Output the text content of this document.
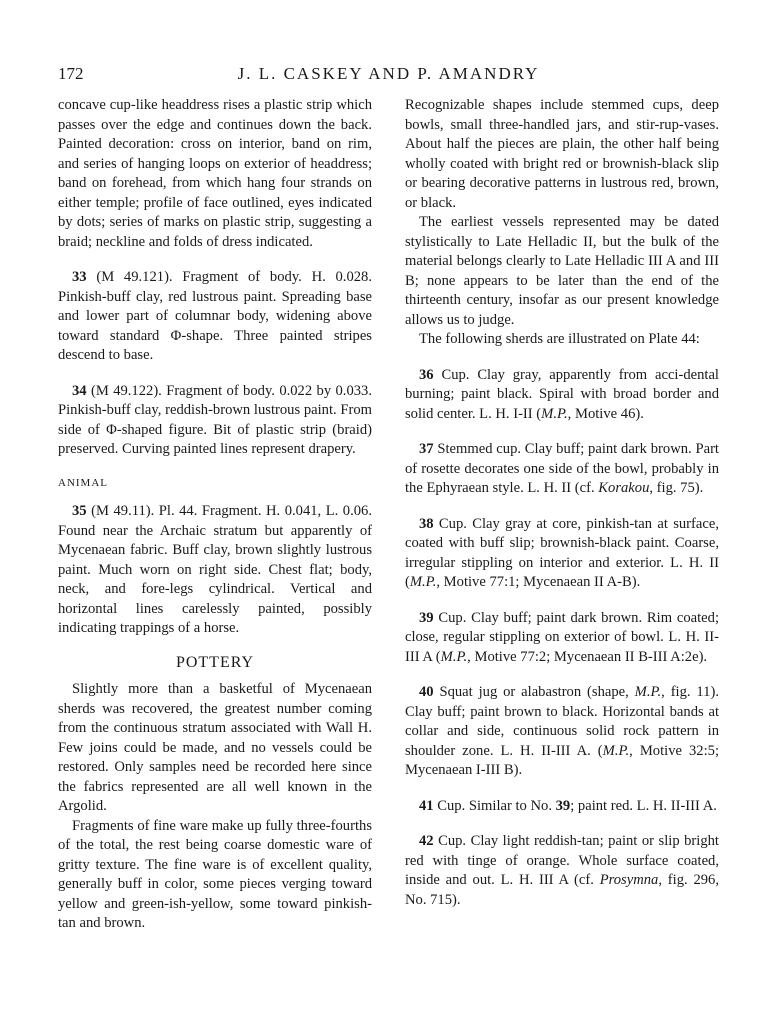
172	J. L. CASKEY AND P. AMANDRY

concave cup-like headdress rises a plastic strip which passes over the edge and continues down the back. Painted decoration: cross on interior, band on rim, and series of hanging loops on exterior of headdress; band on forehead, from which hang four strands on either temple; profile of face outlined, eyes indicated by dots; series of marks on plastic strip, suggesting a braid; neckline and folds of dress indicated.

33 (M 49.121). Fragment of body. H. 0.028. Pinkish-buff clay, red lustrous paint. Spreading base and lower part of columnar body, widening above toward standard Φ-shape. Three painted stripes descend to base.

34 (M 49.122). Fragment of body. 0.022 by 0.033. Pinkish-buff clay, reddish-brown lustrous paint. From side of Φ-shaped figure. Bit of plastic strip (braid) preserved. Curving painted lines represent drapery.

ANIMAL

35 (M 49.11). Pl. 44. Fragment. H. 0.041, L. 0.06. Found near the Archaic stratum but apparently of Mycenaean fabric. Buff clay, brown slightly lustrous paint. Much worn on right side. Chest flat; body, neck, and fore-legs cylindrical. Vertical and horizontal lines carelessly painted, possibly indicating trappings of a horse.

POTTERY

Slightly more than a basketful of Mycenaean sherds was recovered, the greatest number coming from the continuous stratum associated with Wall H. Few joins could be made, and no vessels could be restored. Only samples need be recorded here since the fabrics represented are all well known in the Argolid.

Fragments of fine ware make up fully three-fourths of the total, the rest being coarse domestic ware of gritty texture. The fine ware is of excellent quality, generally buff in color, some pieces verging toward yellow and green-ish-yellow, some toward pinkish-tan and brown.

Recognizable shapes include stemmed cups, deep bowls, small three-handled jars, and stir-rup-vases. About half the pieces are plain, the other half being wholly coated with bright red or brownish-black slip or bearing decorative patterns in lustrous red, brown, or black.

The earliest vessels represented may be dated stylistically to Late Helladic II, but the bulk of the material belongs clearly to Late Helladic III A and III B; none appears to be later than the end of the thirteenth century, insofar as our present knowledge allows us to judge.

The following sherds are illustrated on Plate 44:

36 Cup. Clay gray, apparently from acci-dental burning; paint black. Spiral with broad border and solid center. L. H. I-II (M.P., Motive 46).

37 Stemmed cup. Clay buff; paint dark brown. Part of rosette decorates one side of the bowl, probably in the Ephyraean style. L. H. II (cf. Korakou, fig. 75).

38 Cup. Clay gray at core, pinkish-tan at surface, coated with buff slip; brownish-black paint. Coarse, irregular stippling on interior and exterior. L. H. II (M.P., Motive 77:1; Mycenaean II A-B).

39 Cup. Clay buff; paint dark brown. Rim coated; close, regular stippling on exterior of bowl. L. H. II-III A (M.P., Motive 77:2; Mycenaean II B-III A:2e).

40 Squat jug or alabastron (shape, M.P., fig. 11). Clay buff; paint brown to black. Horizontal bands at collar and side, continuous solid rock pattern in shoulder zone. L. H. II-III A. (M.P., Motive 32:5; Mycenaean I-III B).

41 Cup. Similar to No. 39; paint red. L. H. II-III A.

42 Cup. Clay light reddish-tan; paint or slip bright red with tinge of orange. Whole surface coated, inside and out. L. H. III A (cf. Prosymna, fig. 296, No. 715).
